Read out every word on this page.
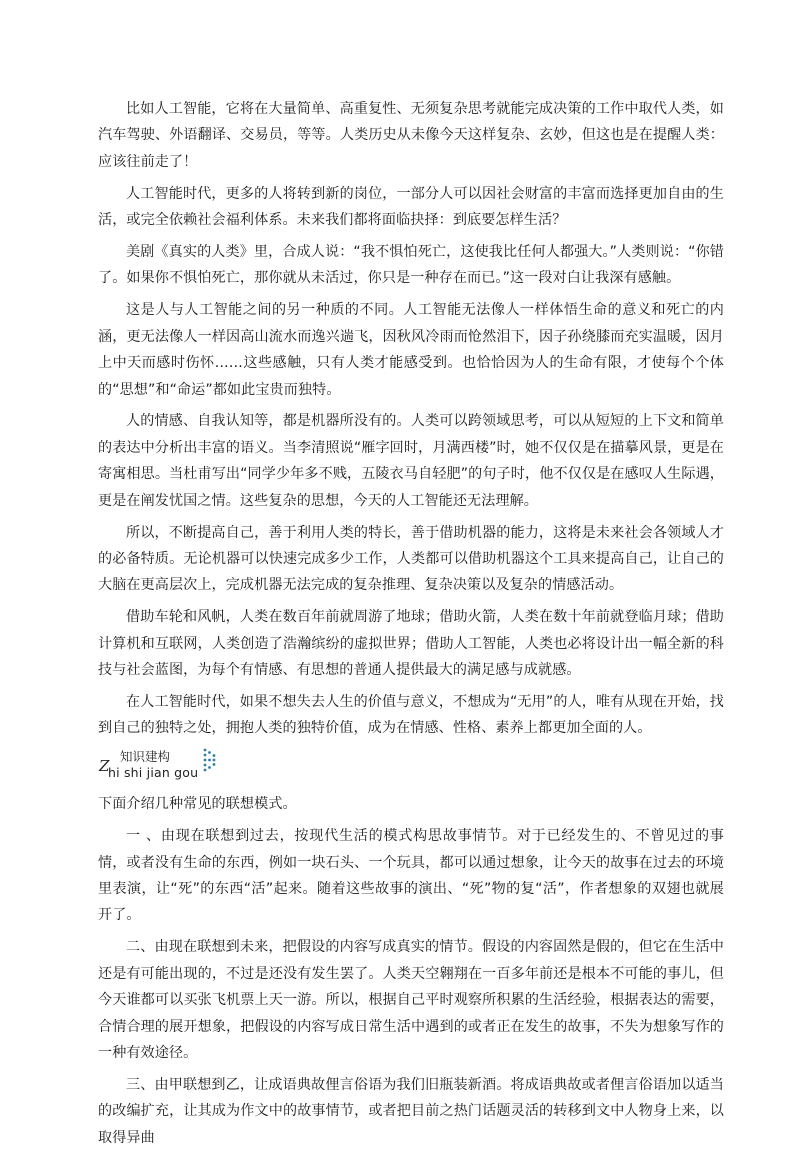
比如人工智能，它将在大量简单、高重复性、无须复杂思考就能完成决策的工作中取代人类，如汽车驾驶、外语翻译、交易员，等等。人类历史从未像今天这样复杂、玄妙，但这也是在提醒人类：应该往前走了！

人工智能时代，更多的人将转到新的岗位，一部分人可以因社会财富的丰富而选择更加自由的生活，或完全依赖社会福利体系。未来我们都将面临抉择：到底要怎样生活？

美剧《真实的人类》里，合成人说：“我不惧怕死亡，这使我比任何人都强大。”人类则说：“你错了。如果你不惧怕死亡，那你就从未活过，你只是一种存在而已。”这一段对白让我深有感触。

这是人与人工智能之间的另一种质的不同。人工智能无法像人一样体悟生命的意义和死亡的内涵，更无法像人一样因高山流水而逸兴遄飞，因秋风冷雨而怆然泪下，因子孙绕膝而充实温暖，因月上中天而感时伤怀……这些感触，只有人类才能感受到。也恰恰因为人的生命有限，才使每个个体的“思想”和“命运”都如此宝贵而独特。

人的情感、自我认知等，都是机器所没有的。人类可以跨领域思考，可以从短短的上下文和简单的表达中分析出丰富的语义。当李清照说“雁字回时，月满西楼”时，她不仅仅是在描摹风景，更是在寄寓相思。当杜甫写出“同学少年多不贱，五陵衣马自轻肥”的句子时，他不仅仅是在感叹人生际遇，更是在阐发忧国之情。这些复杂的思想，今天的人工智能还无法理解。

所以，不断提高自己，善于利用人类的特长，善于借助机器的能力，这将是未来社会各领域人才的必备特质。无论机器可以快速完成多少工作，人类都可以借助机器这个工具来提高自己，让自己的大脑在更高层次上，完成机器无法完成的复杂推理、复杂决策以及复杂的情感活动。

借助车轮和风帆，人类在数百年前就周游了地球；借助火箭，人类在数十年前就登临月球；借助计算机和互联网，人类创造了浩瀚缤纷的虚拟世界；借助人工智能，人类也必将设计出一幅全新的科技与社会蓝图，为每个有情感、有思想的普通人提供最大的满足感与成就感。

在人工智能时代，如果不想失去人生的价值与意义，不想成为“无用”的人，唯有从现在开始，找到自己的独特之处，拥抱人类的独特价值，成为在情感、性格、素养上都更加全面的人。

Z
知识建构
hi shi jian gou

下面介绍几种常见的联想模式。

一 、由现在联想到过去，按现代生活的模式构思故事情节。对于已经发生的、不曾见过的事情，或者没有生命的东西，例如一块石头、一个玩具，都可以通过想象，让今天的故事在过去的环境里表演，让“死”的东西“活”起来。随着这些故事的演出、“死”物的复“活”，作者想象的双翅也就展开了。

二、由现在联想到未来，把假设的内容写成真实的情节。假设的内容固然是假的，但它在生活中还是有可能出现的，不过是还没有发生罢了。人类天空翱翔在一百多年前还是根本不可能的事儿，但今天谁都可以买张飞机票上天一游。所以，根据自己平时观察所积累的生活经验，根据表达的需要，合情合理的展开想象，把假设的内容写成日常生活中遇到的或者正在发生的故事，不失为想象写作的一种有效途径。

三、由甲联想到乙，让成语典故俚言俗语为我们旧瓶装新酒。将成语典故或者俚言俗语加以适当的改编扩充，让其成为作文中的故事情节，或者把目前之热门话题灵活的转移到文中人物身上来，以取得异曲
